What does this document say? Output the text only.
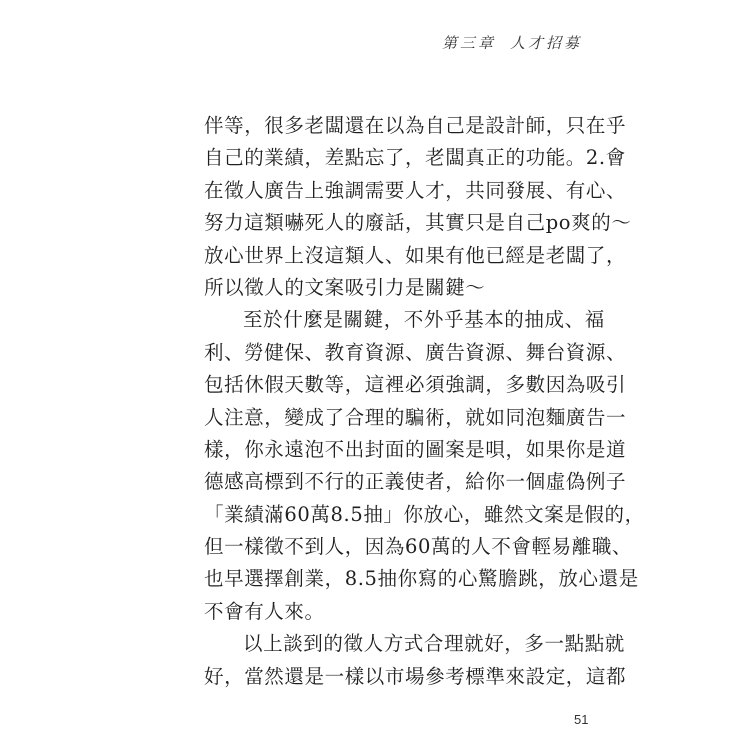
第三章 人才招募
伴等，很多老闆還在以為自己是設計師，只在乎
自己的業績，差點忘了，老闆真正的功能。2.會
在徵人廣告上強調需要人才，共同發展、有心、
努力這類嚇死人的廢話，其實只是自己po爽的～
放心世界上沒這類人、如果有他已經是老闆了，
所以徵人的文案吸引力是關鍵～
至於什麼是關鍵，不外乎基本的抽成、福
利、勞健保、教育資源、廣告資源、舞台資源、
包括休假天數等，這裡必須強調，多數因為吸引
人注意，變成了合理的騙術，就如同泡麵廣告一
樣，你永遠泡不出封面的圖案是唄，如果你是道
德感高標到不行的正義使者，給你一個虛偽例子
「業績滿60萬8.5抽」你放心，雖然文案是假的，
但一樣徵不到人，因為60萬的人不會輕易離職、
也早選擇創業，8.5抽你寫的心驚膽跳，放心還是
不會有人來。
以上談到的徵人方式合理就好，多一點點就
好，當然還是一樣以市場參考標準來設定，這都
51
